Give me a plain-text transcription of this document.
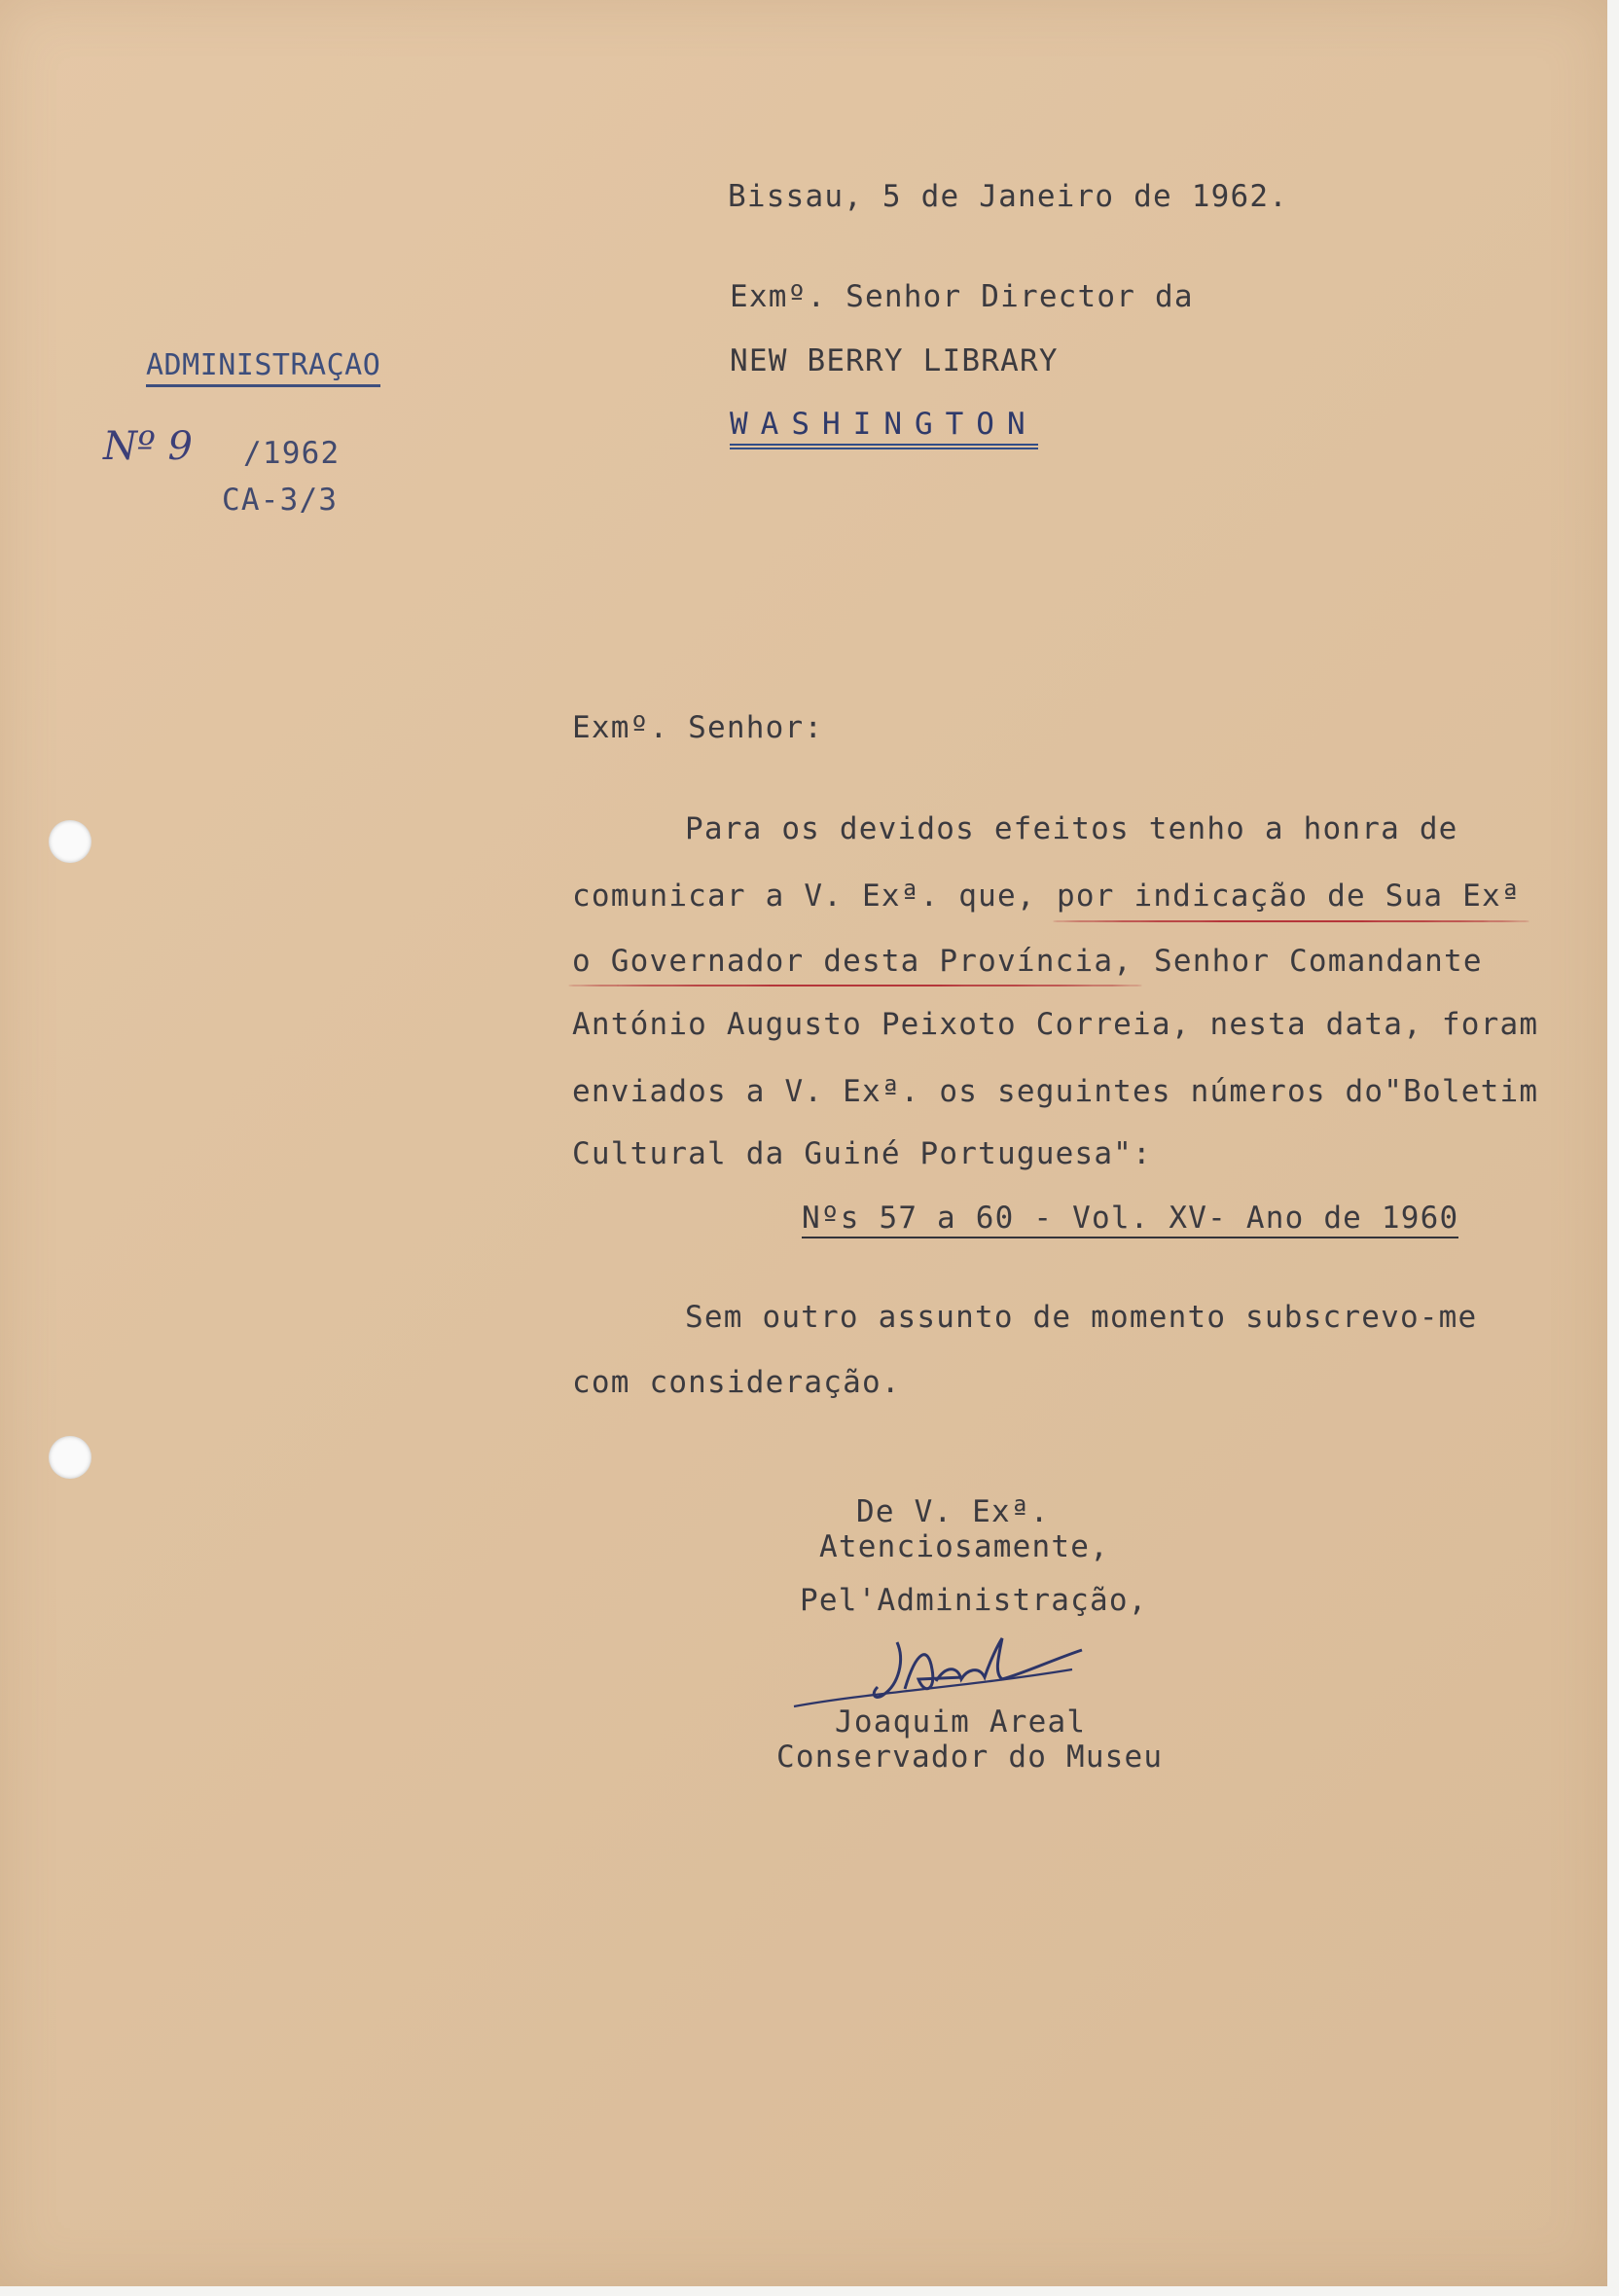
Bissau, 5 de Janeiro de 1962.
Exmº. Senhor Director da
NEW BERRY LIBRARY
WASHINGTON
ADMINISTRAÇAO
Nº 9 /1962
CA-3/3
Exmº. Senhor:
Para os devidos efeitos tenho a honra de
comunicar a V. Exª. que, por indicação de Sua Exª
o Governador desta Província, Senhor Comandante
António Augusto Peixoto Correia, nesta data, foram
enviados a V. Exª. os seguintes números do"Boletim
Cultural da Guiné Portuguesa":
Nºs 57 a 60 - Vol. XV- Ano de 1960
Sem outro assunto de momento subscrevo-me
com consideração.
De V. Exª.
Atenciosamente,
Pel'Administração,
Joaquim Areal
Conservador do Museu
